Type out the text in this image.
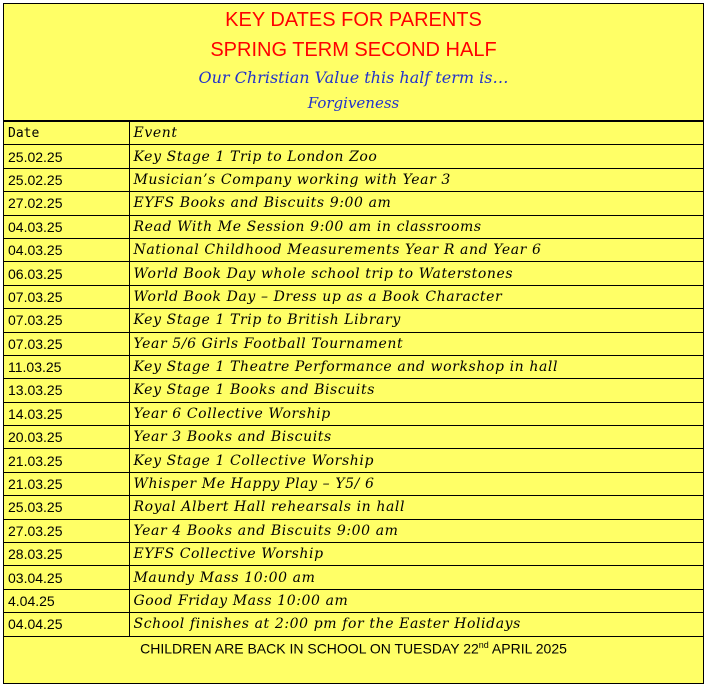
KEY DATES FOR PARENTS
SPRING TERM SECOND HALF
Our Christian Value this half term is…
Forgiveness
Date	Event
25.02.25	Key Stage 1 Trip to London Zoo
25.02.25	Musician’s Company working with Year 3
27.02.25	EYFS Books and Biscuits 9:00 am
04.03.25	Read With Me Session 9:00 am in classrooms
04.03.25	National Childhood Measurements Year R and Year 6
06.03.25	World Book Day whole school trip to Waterstones
07.03.25	World Book Day – Dress up as a Book Character
07.03.25	Key Stage 1 Trip to British Library
07.03.25	Year 5/6 Girls Football Tournament
11.03.25	Key Stage 1 Theatre Performance and workshop in hall
13.03.25	Key Stage 1 Books and Biscuits
14.03.25	Year 6 Collective Worship
20.03.25	Year 3 Books and Biscuits
21.03.25	Key Stage 1 Collective Worship
21.03.25	Whisper Me Happy Play – Y5/ 6
25.03.25	Royal Albert Hall rehearsals in hall
27.03.25	Year 4 Books and Biscuits 9:00 am
28.03.25	EYFS Collective Worship
03.04.25	Maundy Mass 10:00 am
4.04.25	Good Friday Mass 10:00 am
04.04.25	School finishes at 2:00 pm for the Easter Holidays
CHILDREN ARE BACK IN SCHOOL ON TUESDAY 22nd APRIL 2025
